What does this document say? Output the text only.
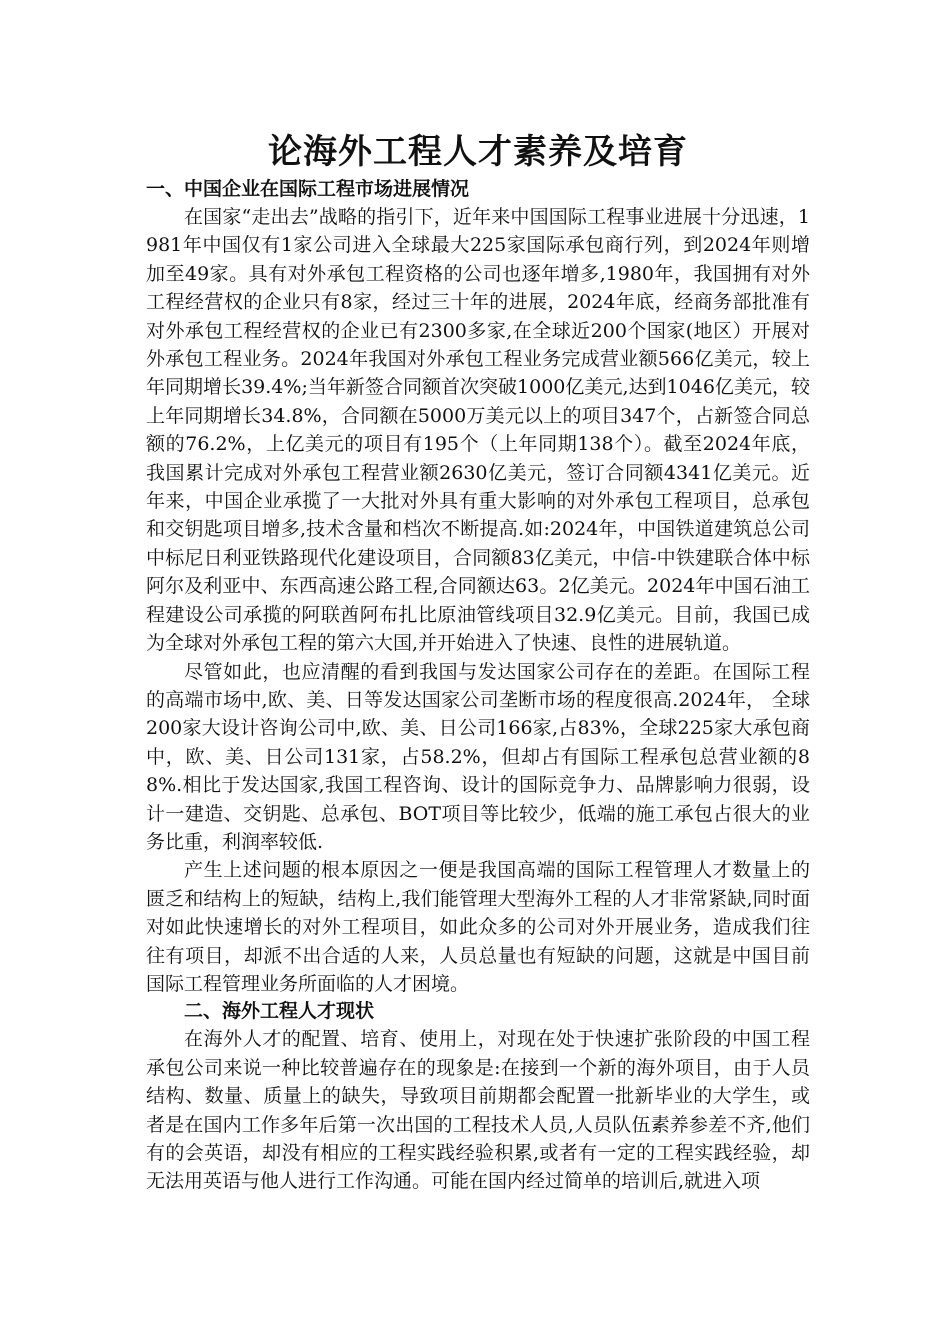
论海外工程人才素养及培育
一、中国企业在国际工程市场进展情况

在国家“走出去”战略的指引下，近年来中国国际工程事业进展十分迅速，1981年中国仅有1家公司进入全球最大225家国际承包商行列，到2024年则增加至49家。具有对外承包工程资格的公司也逐年增多,1980年，我国拥有对外工程经营权的企业只有8家，经过三十年的进展，2024年底，经商务部批准有对外承包工程经营权的企业已有2300多家,在全球近200个国家(地区）开展对外承包工程业务。2024年我国对外承包工程业务完成营业额566亿美元，较上年同期增长39.4%;当年新签合同额首次突破1000亿美元,达到1046亿美元，较上年同期增长34.8%，合同额在5000万美元以上的项目347个，占新签合同总额的76.2%，上亿美元的项目有195个（上年同期138个）。截至2024年底，我国累计完成对外承包工程营业额2630亿美元，签订合同额4341亿美元。近年来，中国企业承揽了一大批对外具有重大影响的对外承包工程项目，总承包和交钥匙项目增多,技术含量和档次不断提高.如:2024年，中国铁道建筑总公司中标尼日利亚铁路现代化建设项目，合同额83亿美元，中信-中铁建联合体中标阿尔及利亚中、东西高速公路工程,合同额达63。2亿美元。2024年中国石油工程建设公司承揽的阿联酋阿布扎比原油管线项目32.9亿美元。目前，我国已成为全球对外承包工程的第六大国,并开始进入了快速、良性的进展轨道。

尽管如此，也应清醒的看到我国与发达国家公司存在的差距。在国际工程的高端市场中,欧、美、日等发达国家公司垄断市场的程度很高.2024年， 全球200家大设计咨询公司中,欧、美、日公司166家,占83%，全球225家大承包商中，欧、美、日公司131家，占58.2%，但却占有国际工程承包总营业额的88%.相比于发达国家,我国工程咨询、设计的国际竞争力、品牌影响力很弱，设计一建造、交钥匙、总承包、BOT项目等比较少，低端的施工承包占很大的业务比重，利润率较低.

产生上述问题的根本原因之一便是我国高端的国际工程管理人才数量上的匮乏和结构上的短缺，结构上,我们能管理大型海外工程的人才非常紧缺,同时面对如此快速增长的对外工程项目，如此众多的公司对外开展业务，造成我们往往有项目，却派不出合适的人来，人员总量也有短缺的问题，这就是中国目前国际工程管理业务所面临的人才困境。

二、海外工程人才现状

在海外人才的配置、培育、使用上，对现在处于快速扩张阶段的中国工程承包公司来说一种比较普遍存在的现象是:在接到一个新的海外项目，由于人员结构、数量、质量上的缺失，导致项目前期都会配置一批新毕业的大学生，或者是在国内工作多年后第一次出国的工程技术人员,人员队伍素养参差不齐,他们有的会英语，却没有相应的工程实践经验积累,或者有一定的工程实践经验，却无法用英语与他人进行工作沟通。可能在国内经过简单的培训后,就进入项
